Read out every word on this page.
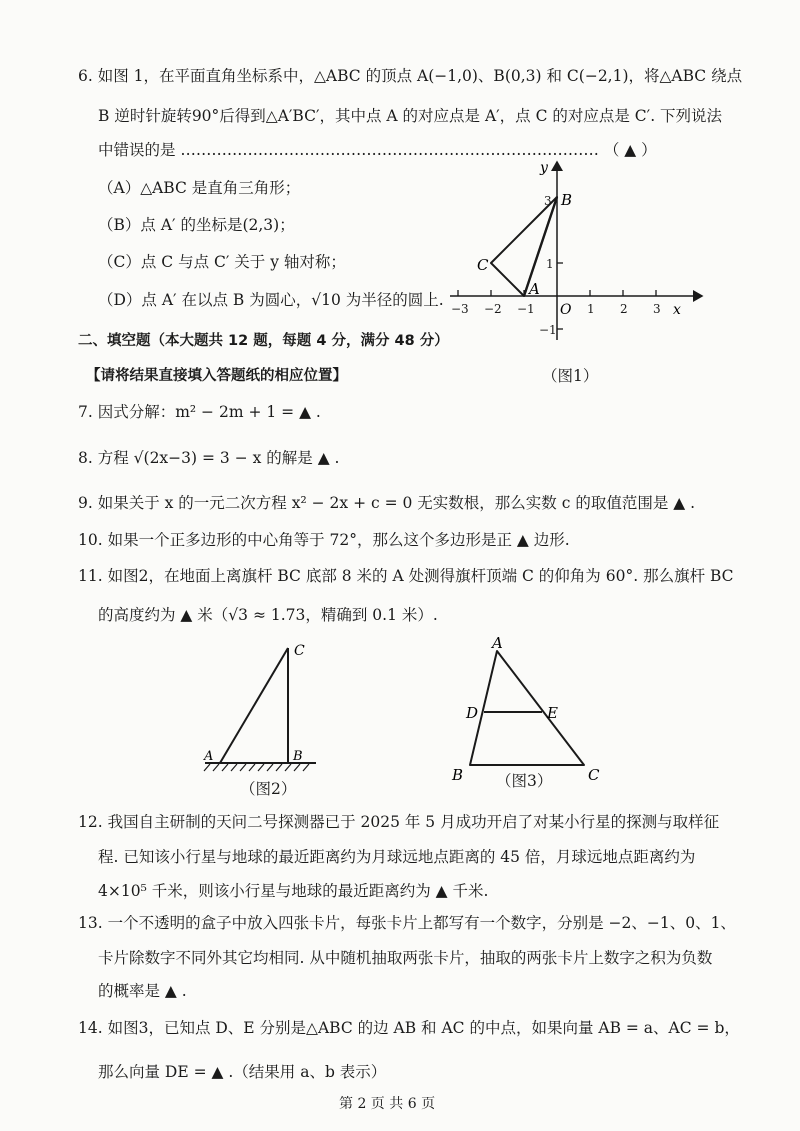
6. 如图 1，在平面直角坐标系中，△ABC 的顶点 A(−1,0)、B(0,3) 和 C(−2,1)，将△ABC 绕点
B 逆时针旋转90°后得到△A′BC′，其中点 A 的对应点是 A′，点 C 的对应点是 C′. 下列说法
中错误的是 ……………………………………………………………………… （ ▲ ）
（A）△ABC 是直角三角形；
（B）点 A′ 的坐标是(2,3)；
（C）点 C 与点 C′ 关于 y 轴对称；
（D）点 A′ 在以点 B 为圆心，√10 为半径的圆上.
二、填空题（本大题共 12 题，每题 4 分，满分 48 分）
【请将结果直接填入答题纸的相应位置】
−3 −2 −1	1 2 3
3
1
−1
x
y
O
B
C
A
（图1）
7. 因式分解：m² − 2m + 1 = ▲ .
8. 方程 √(2x−3) = 3 − x 的解是 ▲ .
9. 如果关于 x 的一元二次方程 x² − 2x + c = 0 无实数根，那么实数 c 的取值范围是 ▲ .
10. 如果一个正多边形的中心角等于 72°，那么这个多边形是正 ▲ 边形.
11. 如图2，在地面上离旗杆 BC 底部 8 米的 A 处测得旗杆顶端 C 的仰角为 60°. 那么旗杆 BC
的高度约为 ▲ 米（√3 ≈ 1.73，精确到 0.1 米）.
C
A	B
（图2）
A
D	E
B	C
（图3）
12. 我国自主研制的天问二号探测器已于 2025 年 5 月成功开启了对某小行星的探测与取样征
程. 已知该小行星与地球的最近距离约为月球远地点距离的 45 倍，月球远地点距离约为
4×10⁵ 千米，则该小行星与地球的最近距离约为 ▲ 千米.
13. 一个不透明的盒子中放入四张卡片，每张卡片上都写有一个数字，分别是 −2、−1、0、1、
卡片除数字不同外其它均相同. 从中随机抽取两张卡片，抽取的两张卡片上数字之积为负数
的概率是 ▲ .
14. 如图3，已知点 D、E 分别是△ABC 的边 AB 和 AC 的中点，如果向量 AB = a、AC = b，
那么向量 DE = ▲ .（结果用 a、b 表示）
第 2 页 共 6 页
